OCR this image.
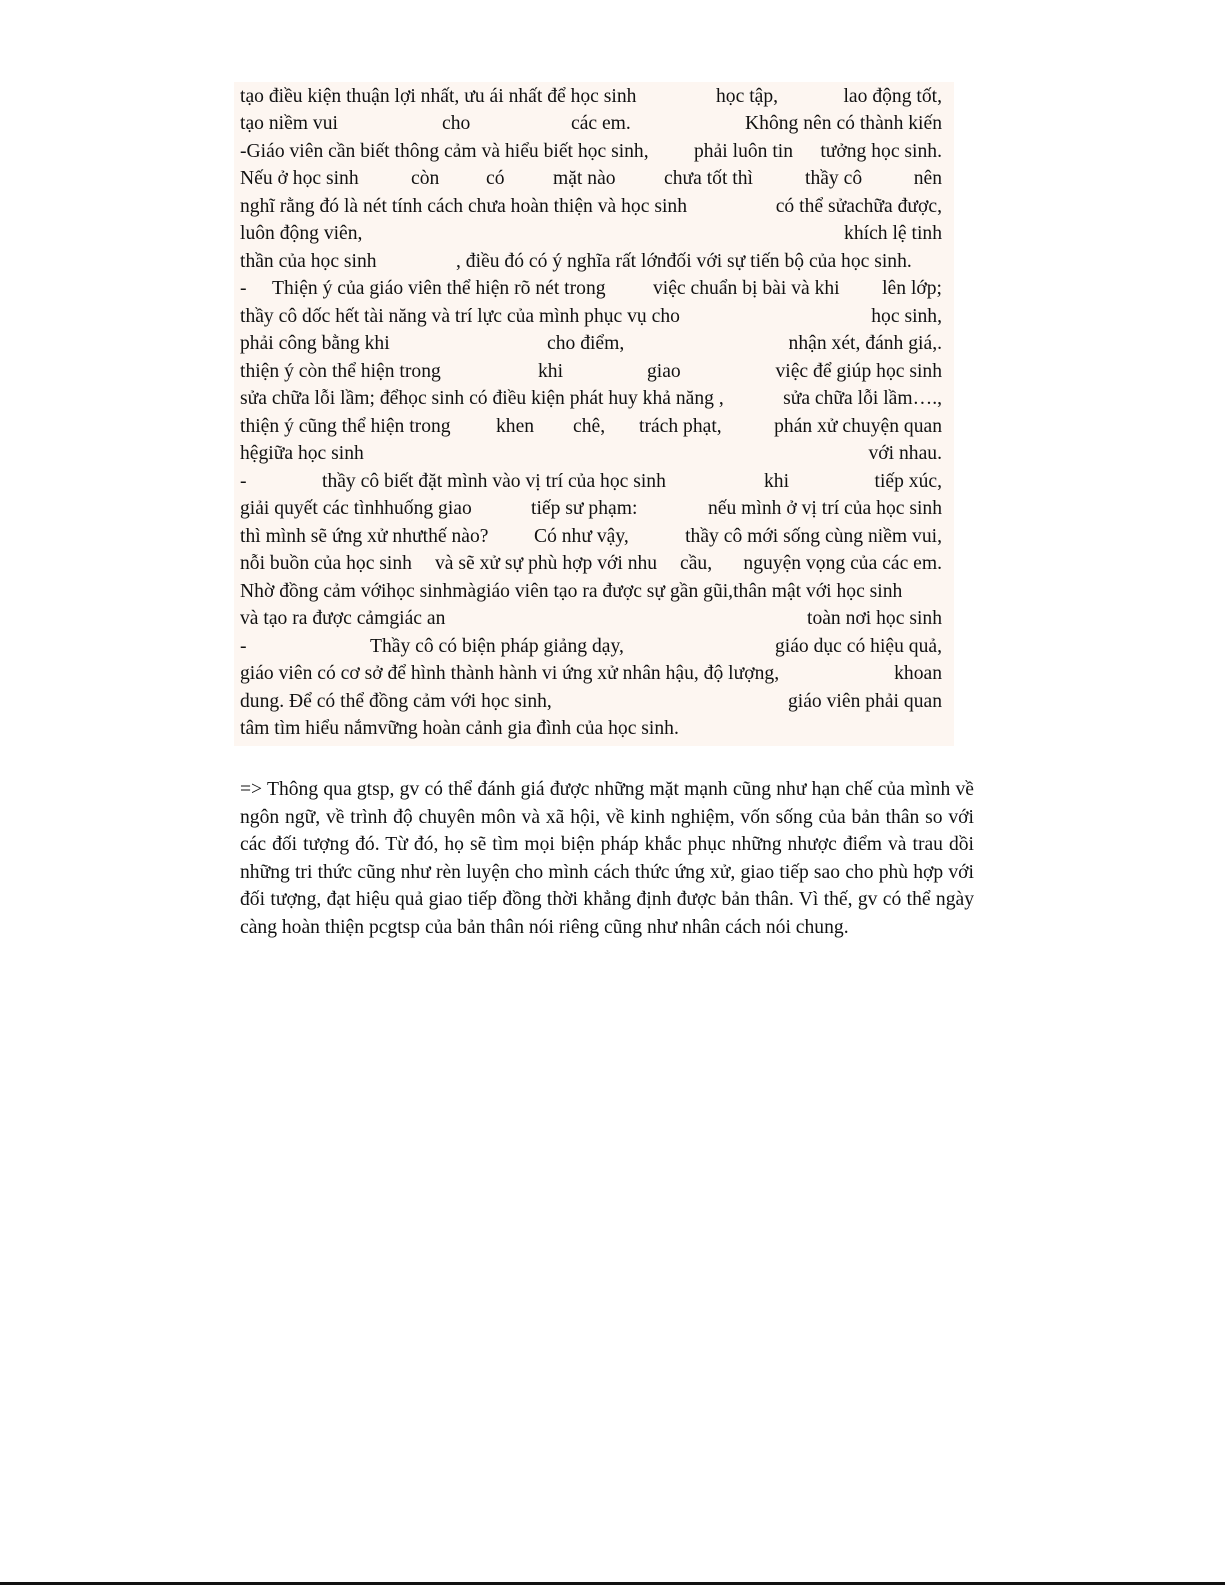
tạo điều kiện thuận lợi nhất, ưu ái nhất để học sinh	học tập,	lao động tốt,
tạo niềm vui	cho	các em.	Không nên có thành kiến
-Giáo viên cần biết thông cảm và hiểu biết học sinh, phải luôn tin tưởng học sinh.
Nếu ở học sinh	còn có mặt nào chưa tốt thì	thầy cô	nên
nghĩ rằng đó là nét tính cách chưa hoàn thiện và học sinh	có thể sửachữa được,
luôn động viên,	khích lệ tinh
thần của học sinh	, điều đó có ý nghĩa rất lớnđối với sự tiến bộ của học sinh.
- Thiện ý của giáo viên thể hiện rõ nét trong việc chuẩn bị bài và khi lên lớp;
thầy cô dốc hết tài năng và trí lực của mình phục vụ cho	học sinh,
phải công bằng khi	cho điểm,	nhận xét, đánh giá,.
thiện ý còn thể hiện trong	khi	giao	việc để giúp học sinh
sửa chữa lỗi lầm; đểhọc sinh có điều kiện phát huy khả năng ,	sửa chữa lỗi lầm….,
thiện ý cũng thể hiện trong khen chê, trách phạt,	phán xử chuyện quan
hệgiữa học sinh	với nhau.
-	thầy cô biết đặt mình vào vị trí của học sinh	khi	tiếp xúc,
giải quyết các tìnhhuống giao	tiếp sư phạm:	nếu mình ở vị trí của học sinh
thì mình sẽ ứng xử nhưthế nào? Có như vậy,	thầy cô mới sống cùng niềm vui,
nỗi buồn của học sinh và sẽ xử sự phù hợp với nhu cầu, nguyện vọng của các em.
Nhờ đồng cảm vớihọc sinhmàgiáo viên tạo ra được sự gần gũi,thân mật với học sinh
và tạo ra được cảmgiác an	toàn nơi học sinh
-	Thầy cô có biện pháp giảng dạy,	giáo dục có hiệu quả,
giáo viên có cơ sở để hình thành hành vi ứng xử nhân hậu, độ lượng,	khoan
dung. Để có thể đồng cảm với học sinh,	giáo viên phải quan
tâm tìm hiểu nắmvững hoàn cảnh gia đình của học sinh.

=> Thông qua gtsp, gv có thể đánh giá được những mặt mạnh cũng như hạn chế của mình về ngôn ngữ, về trình độ chuyên môn và xã hội, về kinh nghiệm, vốn sống của bản thân so với các đối tượng đó. Từ đó, họ sẽ tìm mọi biện pháp khắc phục những nhược điểm và trau dồi những tri thức cũng như rèn luyện cho mình cách thức ứng xử, giao tiếp sao cho phù hợp với đối tượng, đạt hiệu quả giao tiếp đồng thời khẳng định được bản thân. Vì thế, gv có thể ngày càng hoàn thiện pcgtsp của bản thân nói riêng cũng như nhân cách nói chung.
